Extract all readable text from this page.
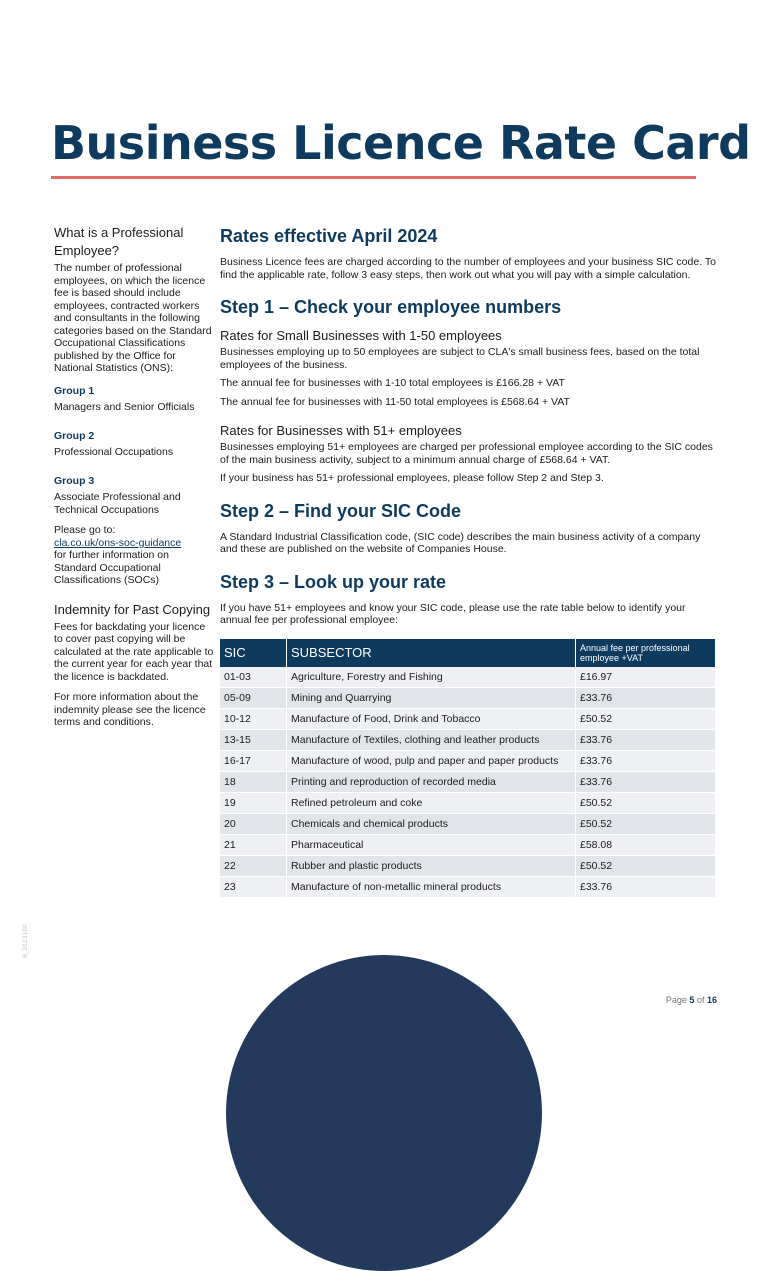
Business Licence Rate Card
What is a Professional Employee?

The number of professional employees, on which the licence fee is based should include employees, contracted workers and consultants in the following categories based on the Standard Occupational Classifications published by the Office for National Statistics (ONS):

Group 1
Managers and Senior Officials
Group 2
Professional Occupations
Group 3
Associate Professional and Technical Occupations
Please go to:
cla.co.uk/ons-soc-guidance
for further information on Standard Occupational Classifications (SOCs)
Indemnity for Past Copying

Fees for backdating your licence to cover past copying will be calculated at the rate applicable to the current year for each year that the licence is backdated.

For more information about the indemnity please see the licence terms and conditions.

Rates effective April 2024

Business Licence fees are charged according to the number of employees and your business SIC code. To find the applicable rate, follow 3 easy steps, then work out what you will pay with a simple calculation.

Step 1 – Check your employee numbers
Rates for Small Businesses with 1-50 employees

Businesses employing up to 50 employees are subject to CLA's small business fees, based on the total employees of the business.

The annual fee for businesses with 1-10 total employees is £166.28 + VAT

The annual fee for businesses with 11-50 total employees is £568.64 + VAT

Rates for Businesses with 51+ employees

Businesses employing 51+ employees are charged per professional employee according to the SIC codes of the main business activity, subject to a minimum annual charge of £568.64 + VAT.

If your business has 51+ professional employees, please follow Step 2 and Step 3.

Step 2 – Find your SIC Code

A Standard Industrial Classification code, (SIC code) describes the main business activity of a company and these are published on the website of Companies House.

Step 3 – Look up your rate

If you have 51+ employees and know your SIC code, please use the rate table below to identify your annual fee per professional employee:

SIC	SUBSECTOR	Annual fee per professional employee +VAT
01-03	Agriculture, Forestry and Fishing	£16.97
05-09	Mining and Quarrying	£33.76
10-12	Manufacture of Food, Drink and Tobacco	£50.52
13-15	Manufacture of Textiles, clothing and leather products	£33.76
16-17	Manufacture of wood, pulp and paper and paper products	£33.76
18	Printing and reproduction of recorded media	£33.76
19	Refined petroleum and coke	£50.52
20	Chemicals and chemical products	£50.52
21	Pharmaceutical	£58.08
22	Rubber and plastic products	£50.52
23	Manufacture of non-metallic mineral products	£33.76
B_2023100
Page 5 of 16
